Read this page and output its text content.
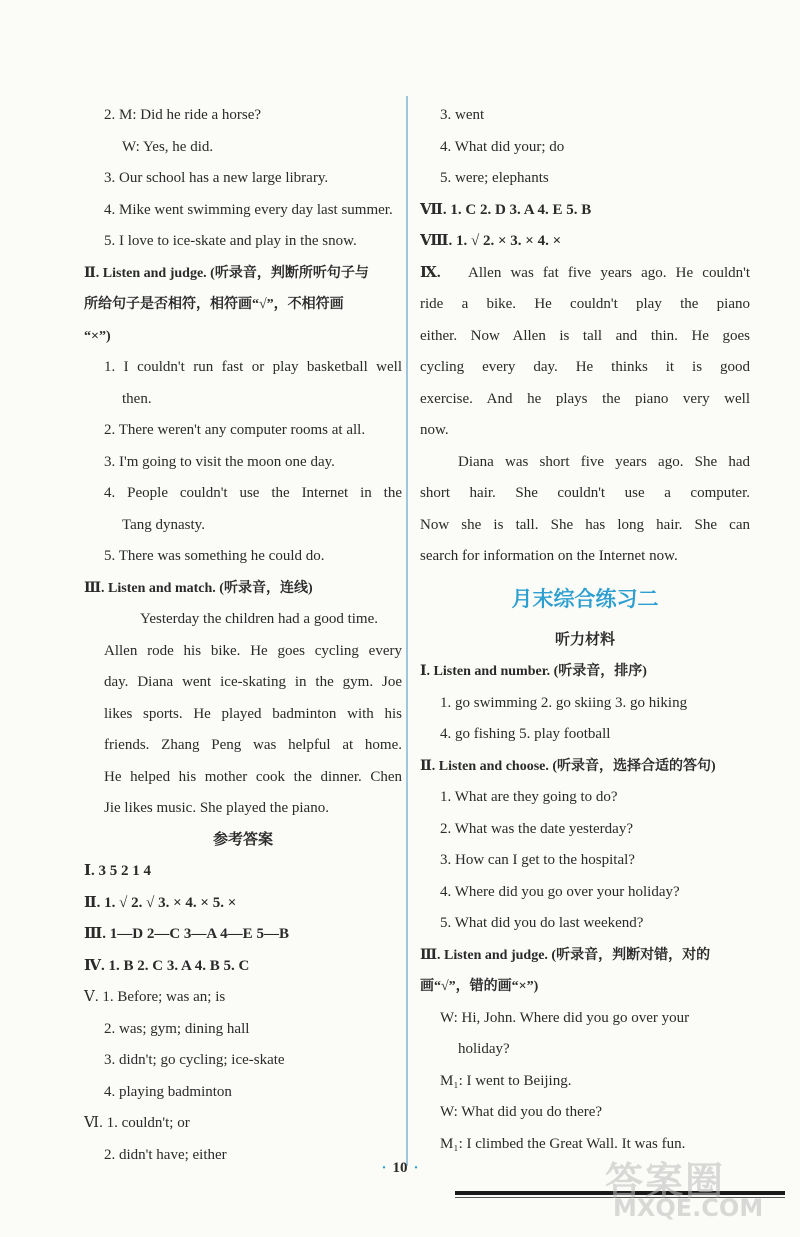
2. M: Did he ride a horse?
W: Yes, he did.
3. Our school has a new large library.
4. Mike went swimming every day last summer.
5. I love to ice-skate and play in the snow.
Ⅱ. Listen and judge. (听录音，判断所听句子与
所给句子是否相符，相符画“√”，不相符画
“×”)
1. I couldn't run fast or play basketball well
then.
2. There weren't any computer rooms at all.
3. I'm going to visit the moon one day.
4. People couldn't use the Internet in the
Tang dynasty.
5. There was something he could do.
Ⅲ. Listen and match. (听录音，连线)
Yesterday the children had a good time.
Allen rode his bike. He goes cycling every
day. Diana went ice-skating in the gym. Joe
likes sports. He played badminton with his
friends. Zhang Peng was helpful at home.
He helped his mother cook the dinner. Chen
Jie likes music. She played the piano.
参考答案
Ⅰ. 3 5 2 1 4
Ⅱ. 1. √ 2. √ 3. × 4. × 5. ×
Ⅲ. 1—D 2—C 3—A 4—E 5—B
Ⅳ. 1. B 2. C 3. A 4. B 5. C
Ⅴ. 1. Before; was an; is
2. was; gym; dining hall
3. didn't; go cycling; ice-skate
4. playing badminton
Ⅵ. 1. couldn't; or
2. didn't have; either
3. went
4. What did your; do
5. were; elephants
Ⅶ. 1. C 2. D 3. A 4. E 5. B
Ⅷ. 1. √ 2. × 3. × 4. ×
Ⅸ. Allen was fat five years ago. He couldn't
ride a bike. He couldn't play the piano
either. Now Allen is tall and thin. He goes
cycling every day. He thinks it is good
exercise. And he plays the piano very well
now.
Diana was short five years ago. She had
short hair. She couldn't use a computer.
Now she is tall. She has long hair. She can
search for information on the Internet now.
月末综合练习二
听力材料
Ⅰ. Listen and number. (听录音，排序)
1. go swimming 2. go skiing 3. go hiking
4. go fishing 5. play football
Ⅱ. Listen and choose. (听录音，选择合适的答句)
1. What are they going to do?
2. What was the date yesterday?
3. How can I get to the hospital?
4. Where did you go over your holiday?
5. What did you do last weekend?
Ⅲ. Listen and judge. (听录音，判断对错，对的
画“√”，错的画“×”)
W: Hi, John. Where did you go over your
holiday?
M₁: I went to Beijing.
W: What did you do there?
M₁: I climbed the Great Wall. It was fun.
· 10 ·	答案圈
MXQE.COM
